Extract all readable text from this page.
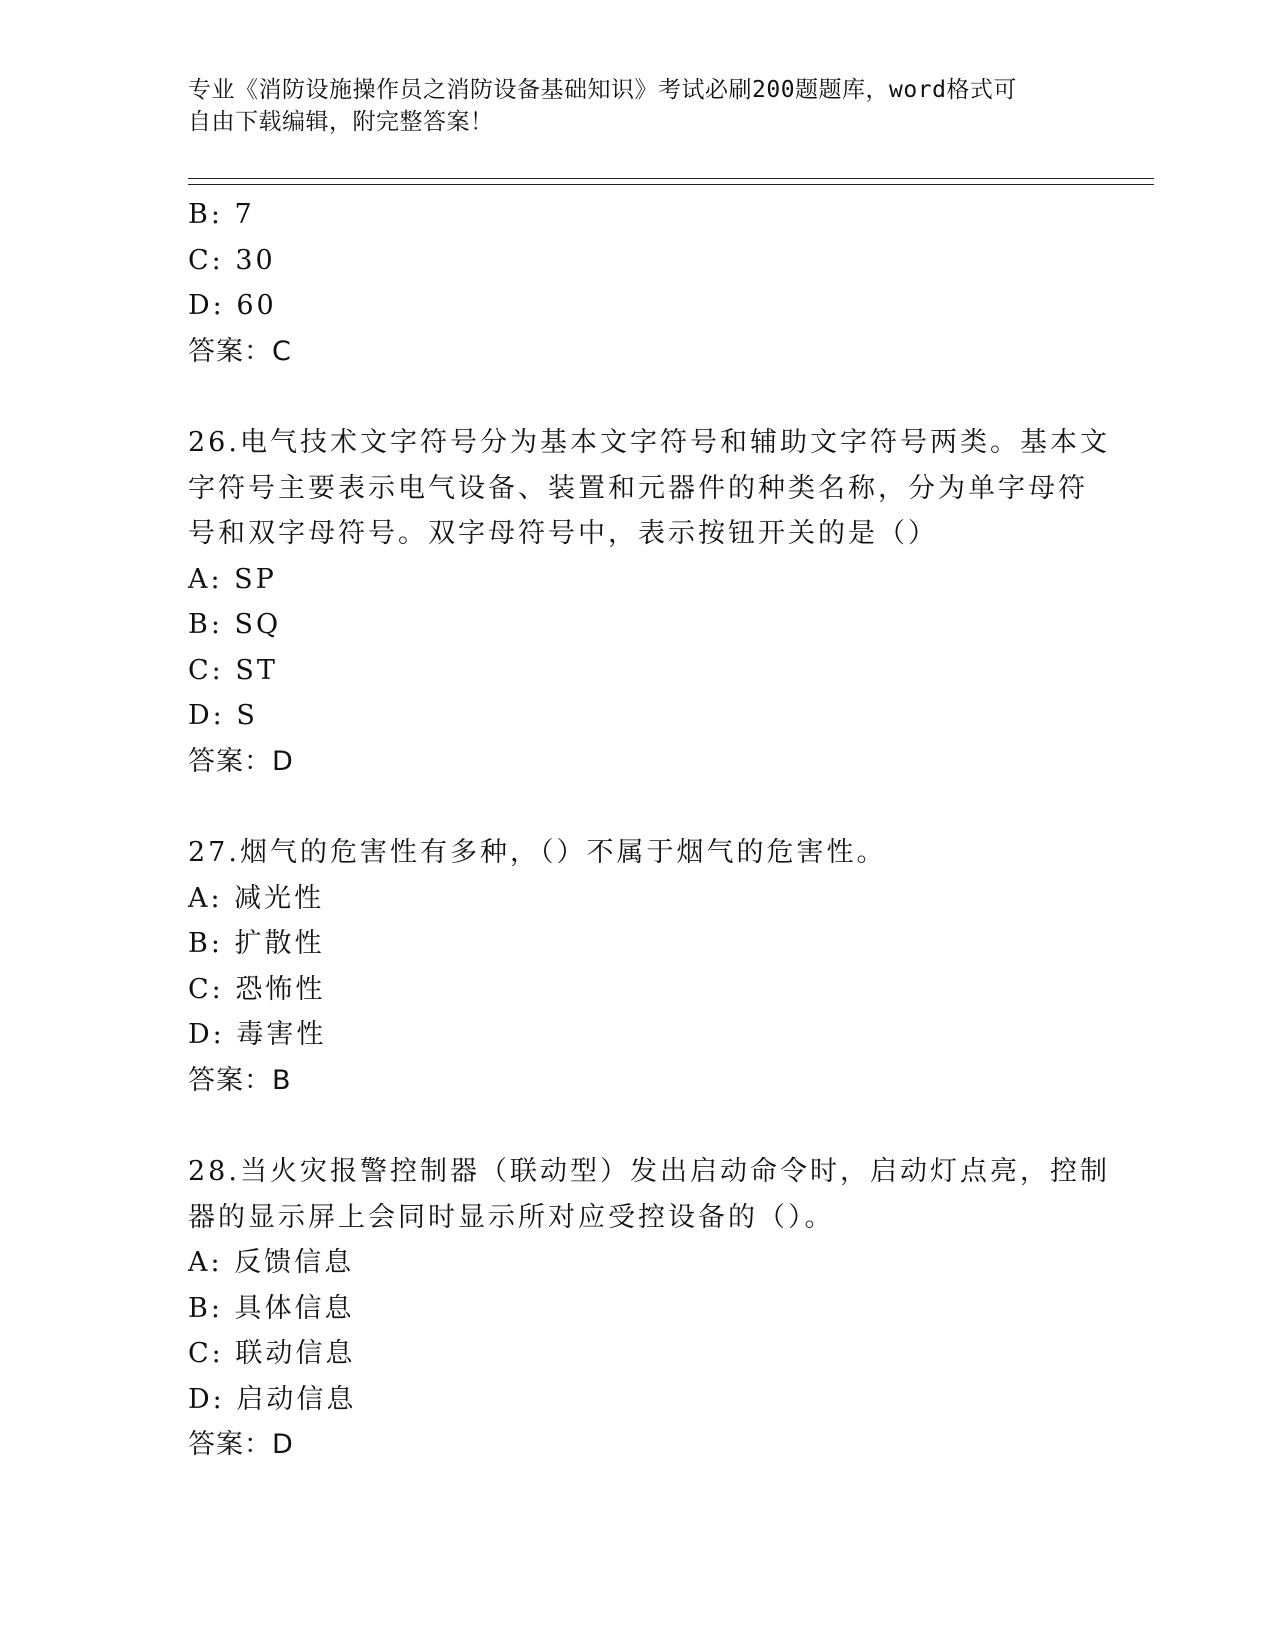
专业《消防设施操作员之消防设备基础知识》考试必刷200题题库，word格式可
自由下载编辑，附完整答案！
B: 7
C: 30
D: 60
答案：C
26.电气技术文字符号分为基本文字符号和辅助文字符号两类。基本文
字符号主要表示电气设备、装置和元器件的种类名称，分为单字母符
号和双字母符号。双字母符号中，表示按钮开关的是（）
A: SP
B: SQ
C: ST
D: S
答案：D
27.烟气的危害性有多种，（）不属于烟气的危害性。
A: 减光性
B: 扩散性
C: 恐怖性
D: 毒害性
答案：B
28.当火灾报警控制器（联动型）发出启动命令时，启动灯点亮，控制
器的显示屏上会同时显示所对应受控设备的（）。
A: 反馈信息
B: 具体信息
C: 联动信息
D: 启动信息
答案：D
